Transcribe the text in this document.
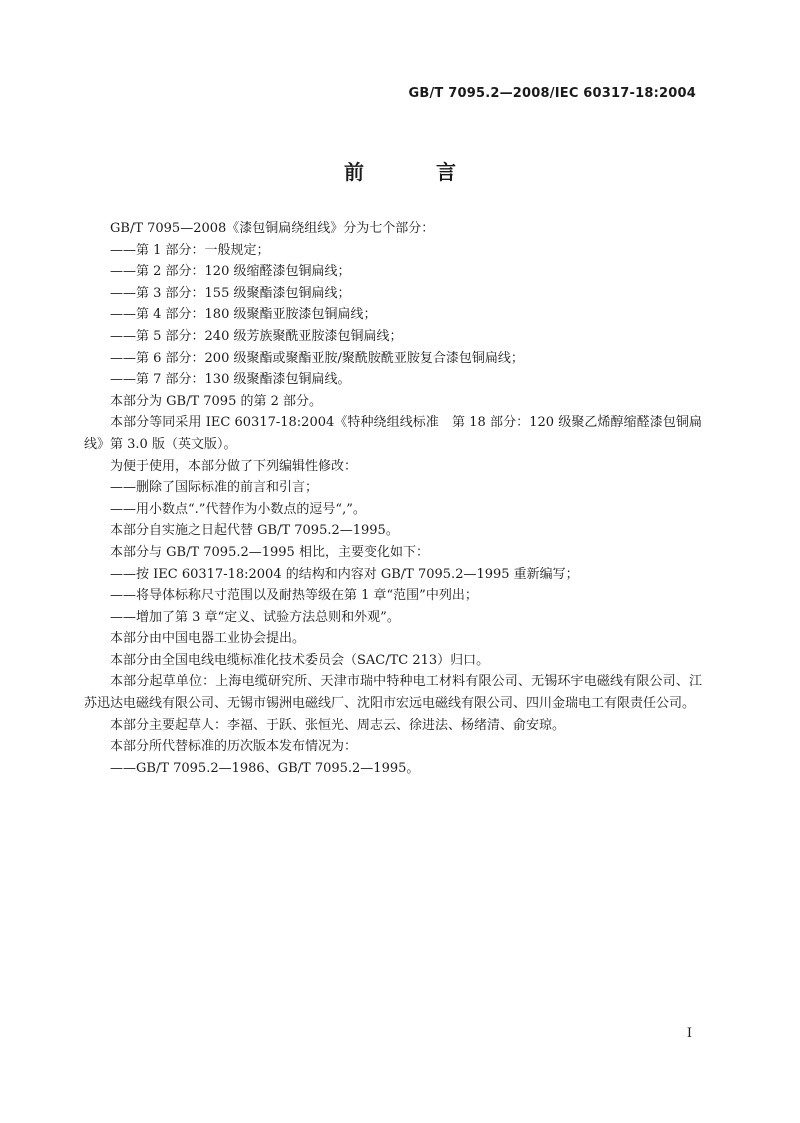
GB/T 7095.2—2008/IEC 60317-18:2004
前　言

GB/T 7095—2008《漆包铜扁绕组线》分为七个部分：

——第 1 部分：一般规定；

——第 2 部分：120 级缩醛漆包铜扁线；

——第 3 部分：155 级聚酯漆包铜扁线；

——第 4 部分：180 级聚酯亚胺漆包铜扁线；

——第 5 部分：240 级芳族聚酰亚胺漆包铜扁线；

——第 6 部分：200 级聚酯或聚酯亚胺/聚酰胺酰亚胺复合漆包铜扁线；

——第 7 部分：130 级聚酯漆包铜扁线。

本部分为 GB/T 7095 的第 2 部分。

本部分等同采用 IEC 60317-18:2004《特种绕组线标准　第 18 部分：120 级聚乙烯醇缩醛漆包铜扁线》第 3.0 版（英文版）。

为便于使用，本部分做了下列编辑性修改：

——删除了国际标准的前言和引言；

——用小数点“.”代替作为小数点的逗号“,”。

本部分自实施之日起代替 GB/T 7095.2—1995。

本部分与 GB/T 7095.2—1995 相比，主要变化如下：

——按 IEC 60317-18:2004 的结构和内容对 GB/T 7095.2—1995 重新编写；

——将导体标称尺寸范围以及耐热等级在第 1 章“范围”中列出；

——增加了第 3 章“定义、试验方法总则和外观”。

本部分由中国电器工业协会提出。

本部分由全国电线电缆标准化技术委员会（SAC/TC 213）归口。

本部分起草单位：上海电缆研究所、天津市瑞中特种电工材料有限公司、无锡环宇电磁线有限公司、江苏迅达电磁线有限公司、无锡市锡洲电磁线厂、沈阳市宏远电磁线有限公司、四川金瑞电工有限责任公司。

本部分主要起草人：李福、于跃、张恒光、周志云、徐进法、杨绪清、俞安琼。

本部分所代替标准的历次版本发布情况为：

——GB/T 7095.2—1986、GB/T 7095.2—1995。

I
